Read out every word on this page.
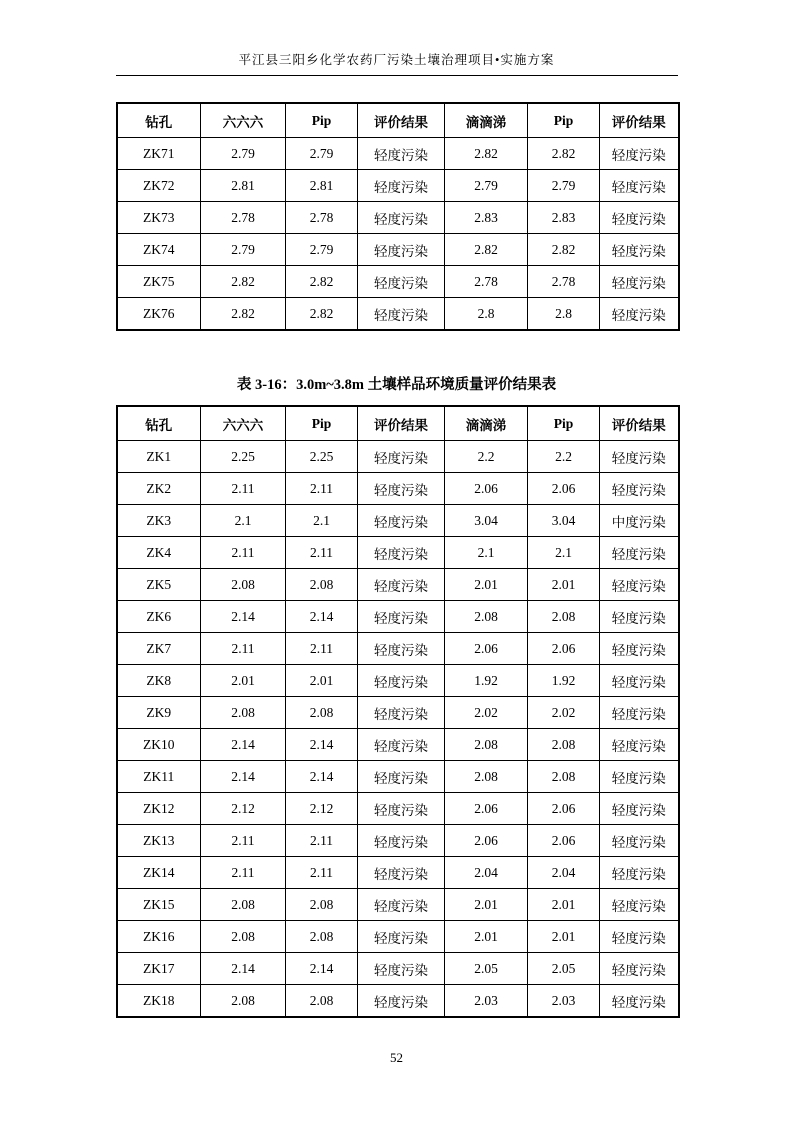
平江县三阳乡化学农药厂污染土壤治理项目•实施方案
钻孔	六六六	Pip	评价结果	滴滴涕	Pip	评价结果
ZK71	2.79	2.79	轻度污染	2.82	2.82	轻度污染
ZK72	2.81	2.81	轻度污染	2.79	2.79	轻度污染
ZK73	2.78	2.78	轻度污染	2.83	2.83	轻度污染
ZK74	2.79	2.79	轻度污染	2.82	2.82	轻度污染
ZK75	2.82	2.82	轻度污染	2.78	2.78	轻度污染
ZK76	2.82	2.82	轻度污染	2.8	2.8	轻度污染
表 3-16：3.0m~3.8m 土壤样品环境质量评价结果表
钻孔	六六六	Pip	评价结果	滴滴涕	Pip	评价结果
ZK1	2.25	2.25	轻度污染	2.2	2.2	轻度污染
ZK2	2.11	2.11	轻度污染	2.06	2.06	轻度污染
ZK3	2.1	2.1	轻度污染	3.04	3.04	中度污染
ZK4	2.11	2.11	轻度污染	2.1	2.1	轻度污染
ZK5	2.08	2.08	轻度污染	2.01	2.01	轻度污染
ZK6	2.14	2.14	轻度污染	2.08	2.08	轻度污染
ZK7	2.11	2.11	轻度污染	2.06	2.06	轻度污染
ZK8	2.01	2.01	轻度污染	1.92	1.92	轻度污染
ZK9	2.08	2.08	轻度污染	2.02	2.02	轻度污染
ZK10	2.14	2.14	轻度污染	2.08	2.08	轻度污染
ZK11	2.14	2.14	轻度污染	2.08	2.08	轻度污染
ZK12	2.12	2.12	轻度污染	2.06	2.06	轻度污染
ZK13	2.11	2.11	轻度污染	2.06	2.06	轻度污染
ZK14	2.11	2.11	轻度污染	2.04	2.04	轻度污染
ZK15	2.08	2.08	轻度污染	2.01	2.01	轻度污染
ZK16	2.08	2.08	轻度污染	2.01	2.01	轻度污染
ZK17	2.14	2.14	轻度污染	2.05	2.05	轻度污染
ZK18	2.08	2.08	轻度污染	2.03	2.03	轻度污染
52
